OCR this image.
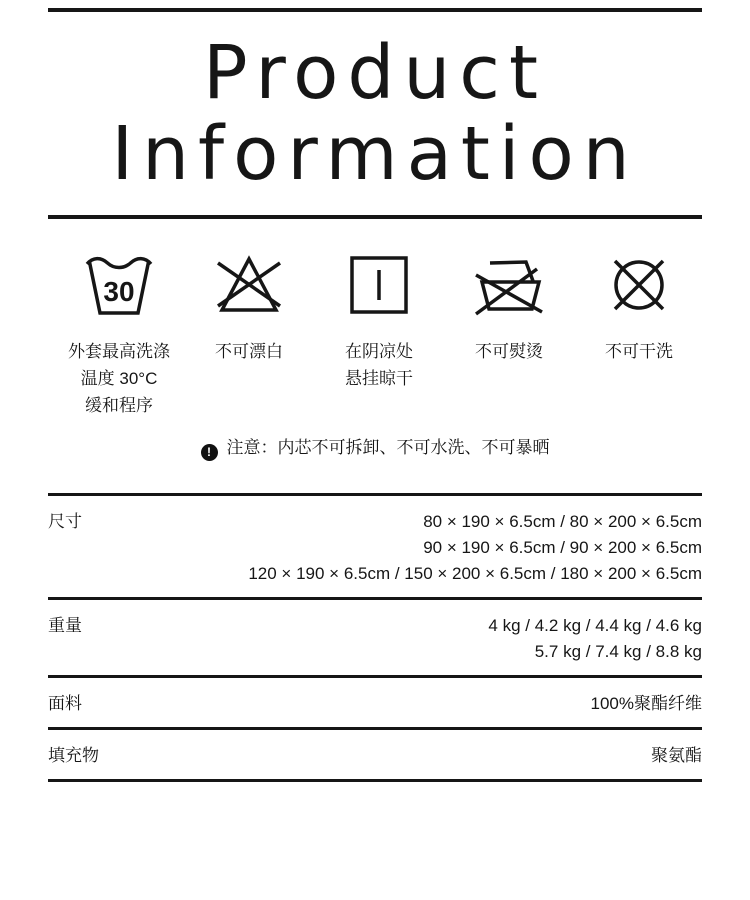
Product
Information
30
外套最高洗涤
温度 30°C
缓和程序
不可漂白	在阴凉处
悬挂晾干
不可熨烫	不可干洗
! 注意：内芯不可拆卸、不可水洗、不可暴晒
尺寸	80 × 190 × 6.5cm / 80 × 200 × 6.5cm
90 × 190 × 6.5cm / 90 × 200 × 6.5cm
120 × 190 × 6.5cm / 150 × 200 × 6.5cm / 180 × 200 × 6.5cm
重量	4 kg / 4.2 kg / 4.4 kg / 4.6 kg
5.7 kg / 7.4 kg / 8.8 kg
面料	100%聚酯纤维
填充物	聚氨酯
